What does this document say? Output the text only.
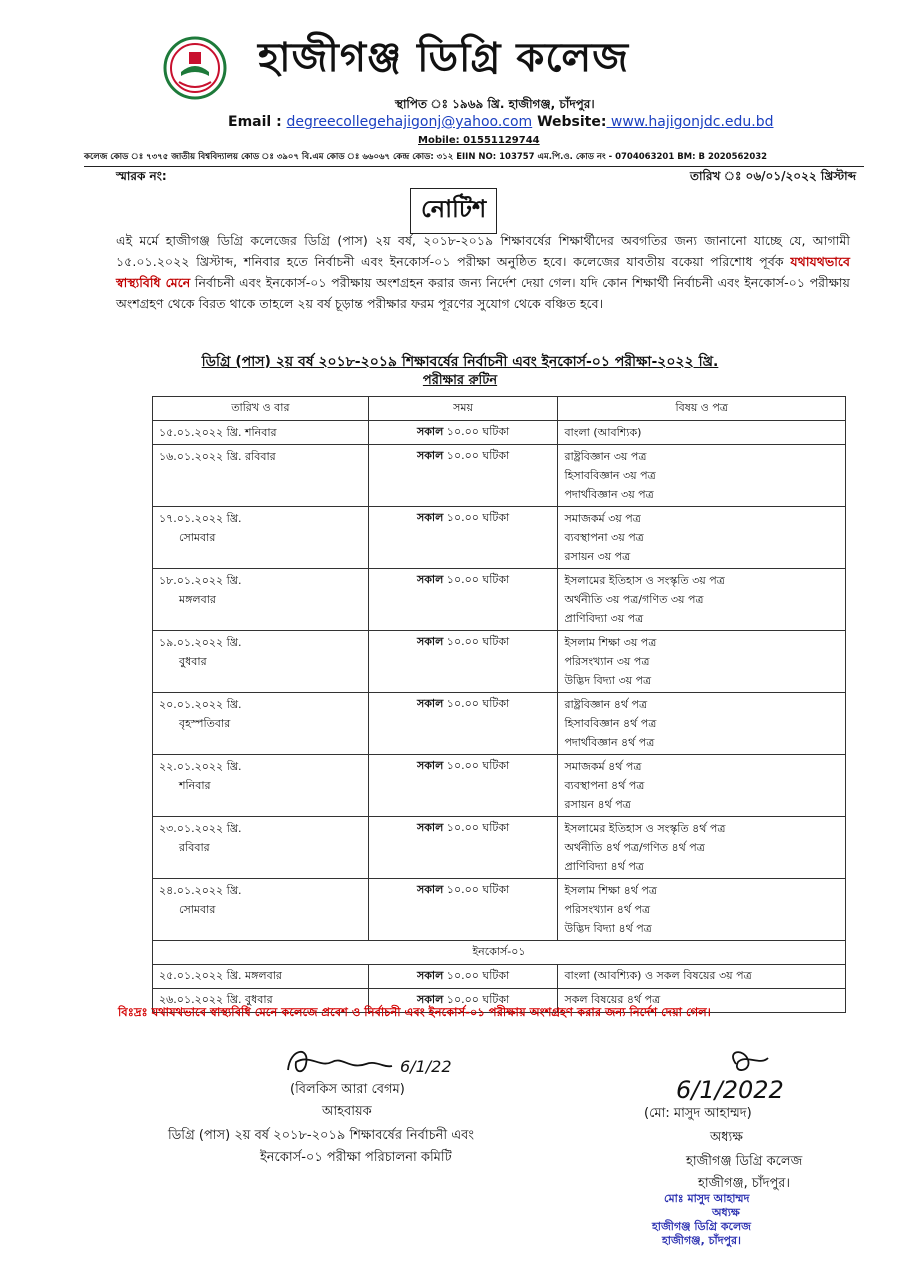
হাজীগঞ্জ ডিগ্রি কলেজ
স্থাপিত ঃ ১৯৬৯ খ্রি. হাজীগঞ্জ, চাঁদপুর।
Email : degreecollegehajigonj@yahoo.com Website: www.hajigonjdc.edu.bd
Mobile: 01551129744
কলেজ কোড ঃ ৭৩৭৫ জাতীয় বিশ্ববিদ্যালয় কোড ঃ ৩৯০৭ বি.এম কোড ঃ ৬৬০৬৭ কেন্দ্র কোড: ৩১২ EIIN NO: 103757 এম.পি.ও. কোড নং - 0704063201 BM: B 2020562032
স্মারক নং:	তারিখ ঃ ০৬/০১/২০২২ খ্রিস্টাব্দ
নোটিশ
এই মর্মে হাজীগঞ্জ ডিগ্রি কলেজের ডিগ্রি (পাস) ২য় বর্ষ, ২০১৮-২০১৯ শিক্ষাবর্ষের শিক্ষার্থীদের অবগতির জন্য জানানো যাচ্ছে যে, আগামী ১৫.০১.২০২২ খ্রিস্টাব্দ, শনিবার হতে নির্বাচনী এবং ইনকোর্স-০১ পরীক্ষা অনুষ্ঠিত হবে। কলেজের যাবতীয় বকেয়া পরিশোধ পূর্বক যথাযথভাবে স্বাস্থ্যবিধি মেনে নির্বাচনী এবং ইনকোর্স-০১ পরীক্ষায় অংশগ্রহন করার জন্য নির্দেশ দেয়া গেল। যদি কোন শিক্ষার্থী নির্বাচনী এবং ইনকোর্স-০১ পরীক্ষায় অংশগ্রহণ থেকে বিরত থাকে তাহলে ২য় বর্ষ চূড়ান্ত পরীক্ষার ফরম পূরণের সুযোগ থেকে বঞ্চিত হবে।
ডিগ্রি (পাস) ২য় বর্ষ ২০১৮-২০১৯ শিক্ষাবর্ষের নির্বাচনী এবং ইনকোর্স-০১ পরীক্ষা-২০২২ খ্রি.
পরীক্ষার রুটিন
তারিখ ও বার	সময়	বিষয় ও পত্র

১৫.০১.২০২২ খ্রি. শনিবার	সকাল ১০.০০ ঘটিকা	বাংলা (আবশ্যিক)

১৬.০১.২০২২ খ্রি. রবিবার	সকাল ১০.০০ ঘটিকা	রাষ্ট্রবিজ্ঞান ৩য় পত্র
হিসাববিজ্ঞান ৩য় পত্র
পদার্থবিজ্ঞান ৩য় পত্র

১৭.০১.২০২২ খ্রি.
সোমবার	সকাল ১০.০০ ঘটিকা	সমাজকর্ম ৩য় পত্র
ব্যবস্থাপনা ৩য় পত্র
রসায়ন ৩য় পত্র

১৮.০১.২০২২ খ্রি.
মঙ্গলবার	সকাল ১০.০০ ঘটিকা	ইসলামের ইতিহাস ও সংস্কৃতি ৩য় পত্র
অর্থনীতি ৩য় পত্র/গণিত ৩য় পত্র
প্রাণিবিদ্যা ৩য় পত্র

১৯.০১.২০২২ খ্রি.
বুধবার	সকাল ১০.০০ ঘটিকা	ইসলাম শিক্ষা ৩য় পত্র
পরিসংখ্যান ৩য় পত্র
উদ্ভিদ বিদ্যা ৩য় পত্র

২০.০১.২০২২ খ্রি.
বৃহস্পতিবার	সকাল ১০.০০ ঘটিকা	রাষ্ট্রবিজ্ঞান ৪র্থ পত্র
হিসাববিজ্ঞান ৪র্থ পত্র
পদার্থবিজ্ঞান ৪র্থ পত্র

২২.০১.২০২২ খ্রি.
শনিবার	সকাল ১০.০০ ঘটিকা	সমাজকর্ম ৪র্থ পত্র
ব্যবস্থাপনা ৪র্থ পত্র
রসায়ন ৪র্থ পত্র

২৩.০১.২০২২ খ্রি.
রবিবার	সকাল ১০.০০ ঘটিকা	ইসলামের ইতিহাস ও সংস্কৃতি ৪র্থ পত্র
অর্থনীতি ৪র্থ পত্র/গণিত ৪র্থ পত্র
প্রাণিবিদ্যা ৪র্থ পত্র

২৪.০১.২০২২ খ্রি.
সোমবার	সকাল ১০.০০ ঘটিকা	ইসলাম শিক্ষা ৪র্থ পত্র
পরিসংখ্যান ৪র্থ পত্র
উদ্ভিদ বিদ্যা ৪র্থ পত্র

ইনকোর্স-০১		
২৫.০১.২০২২ খ্রি. মঙ্গলবার	সকাল ১০.০০ ঘটিকা	বাংলা (আবশ্যিক) ও সকল বিষয়ের ৩য় পত্র
২৬.০১.২০২২ খ্রি. বুধবার	সকাল ১০.০০ ঘটিকা	সকল বিষয়ের ৪র্থ পত্র
বিঃদ্রঃ যথাযথভাবে স্বাস্থ্যবিধি মেনে কলেজে প্রবেশ ও নির্বাচনী এবং ইনকোর্স-০১ পরীক্ষায় অংশগ্রহণ করার জন্য নির্দেশ দেয়া গেল।
6/1/22
(বিলকিস আরা বেগম)
আহবায়ক
ডিগ্রি (পাস) ২য় বর্ষ ২০১৮-২০১৯ শিক্ষাবর্ষের নির্বাচনী এবং
ইনকোর্স-০১ পরীক্ষা পরিচালনা কমিটি
6/1/2022
(মো: মাসুদ আহাম্মদ)
অধ্যক্ষ
হাজীগঞ্জ ডিগ্রি কলেজ
হাজীগঞ্জ, চাঁদপুর।
মোঃ মাসুদ আহাম্মদ
অধ্যক্ষ
হাজীগঞ্জ ডিগ্রি কলেজ
হাজীগঞ্জ, চাঁদপুর।
